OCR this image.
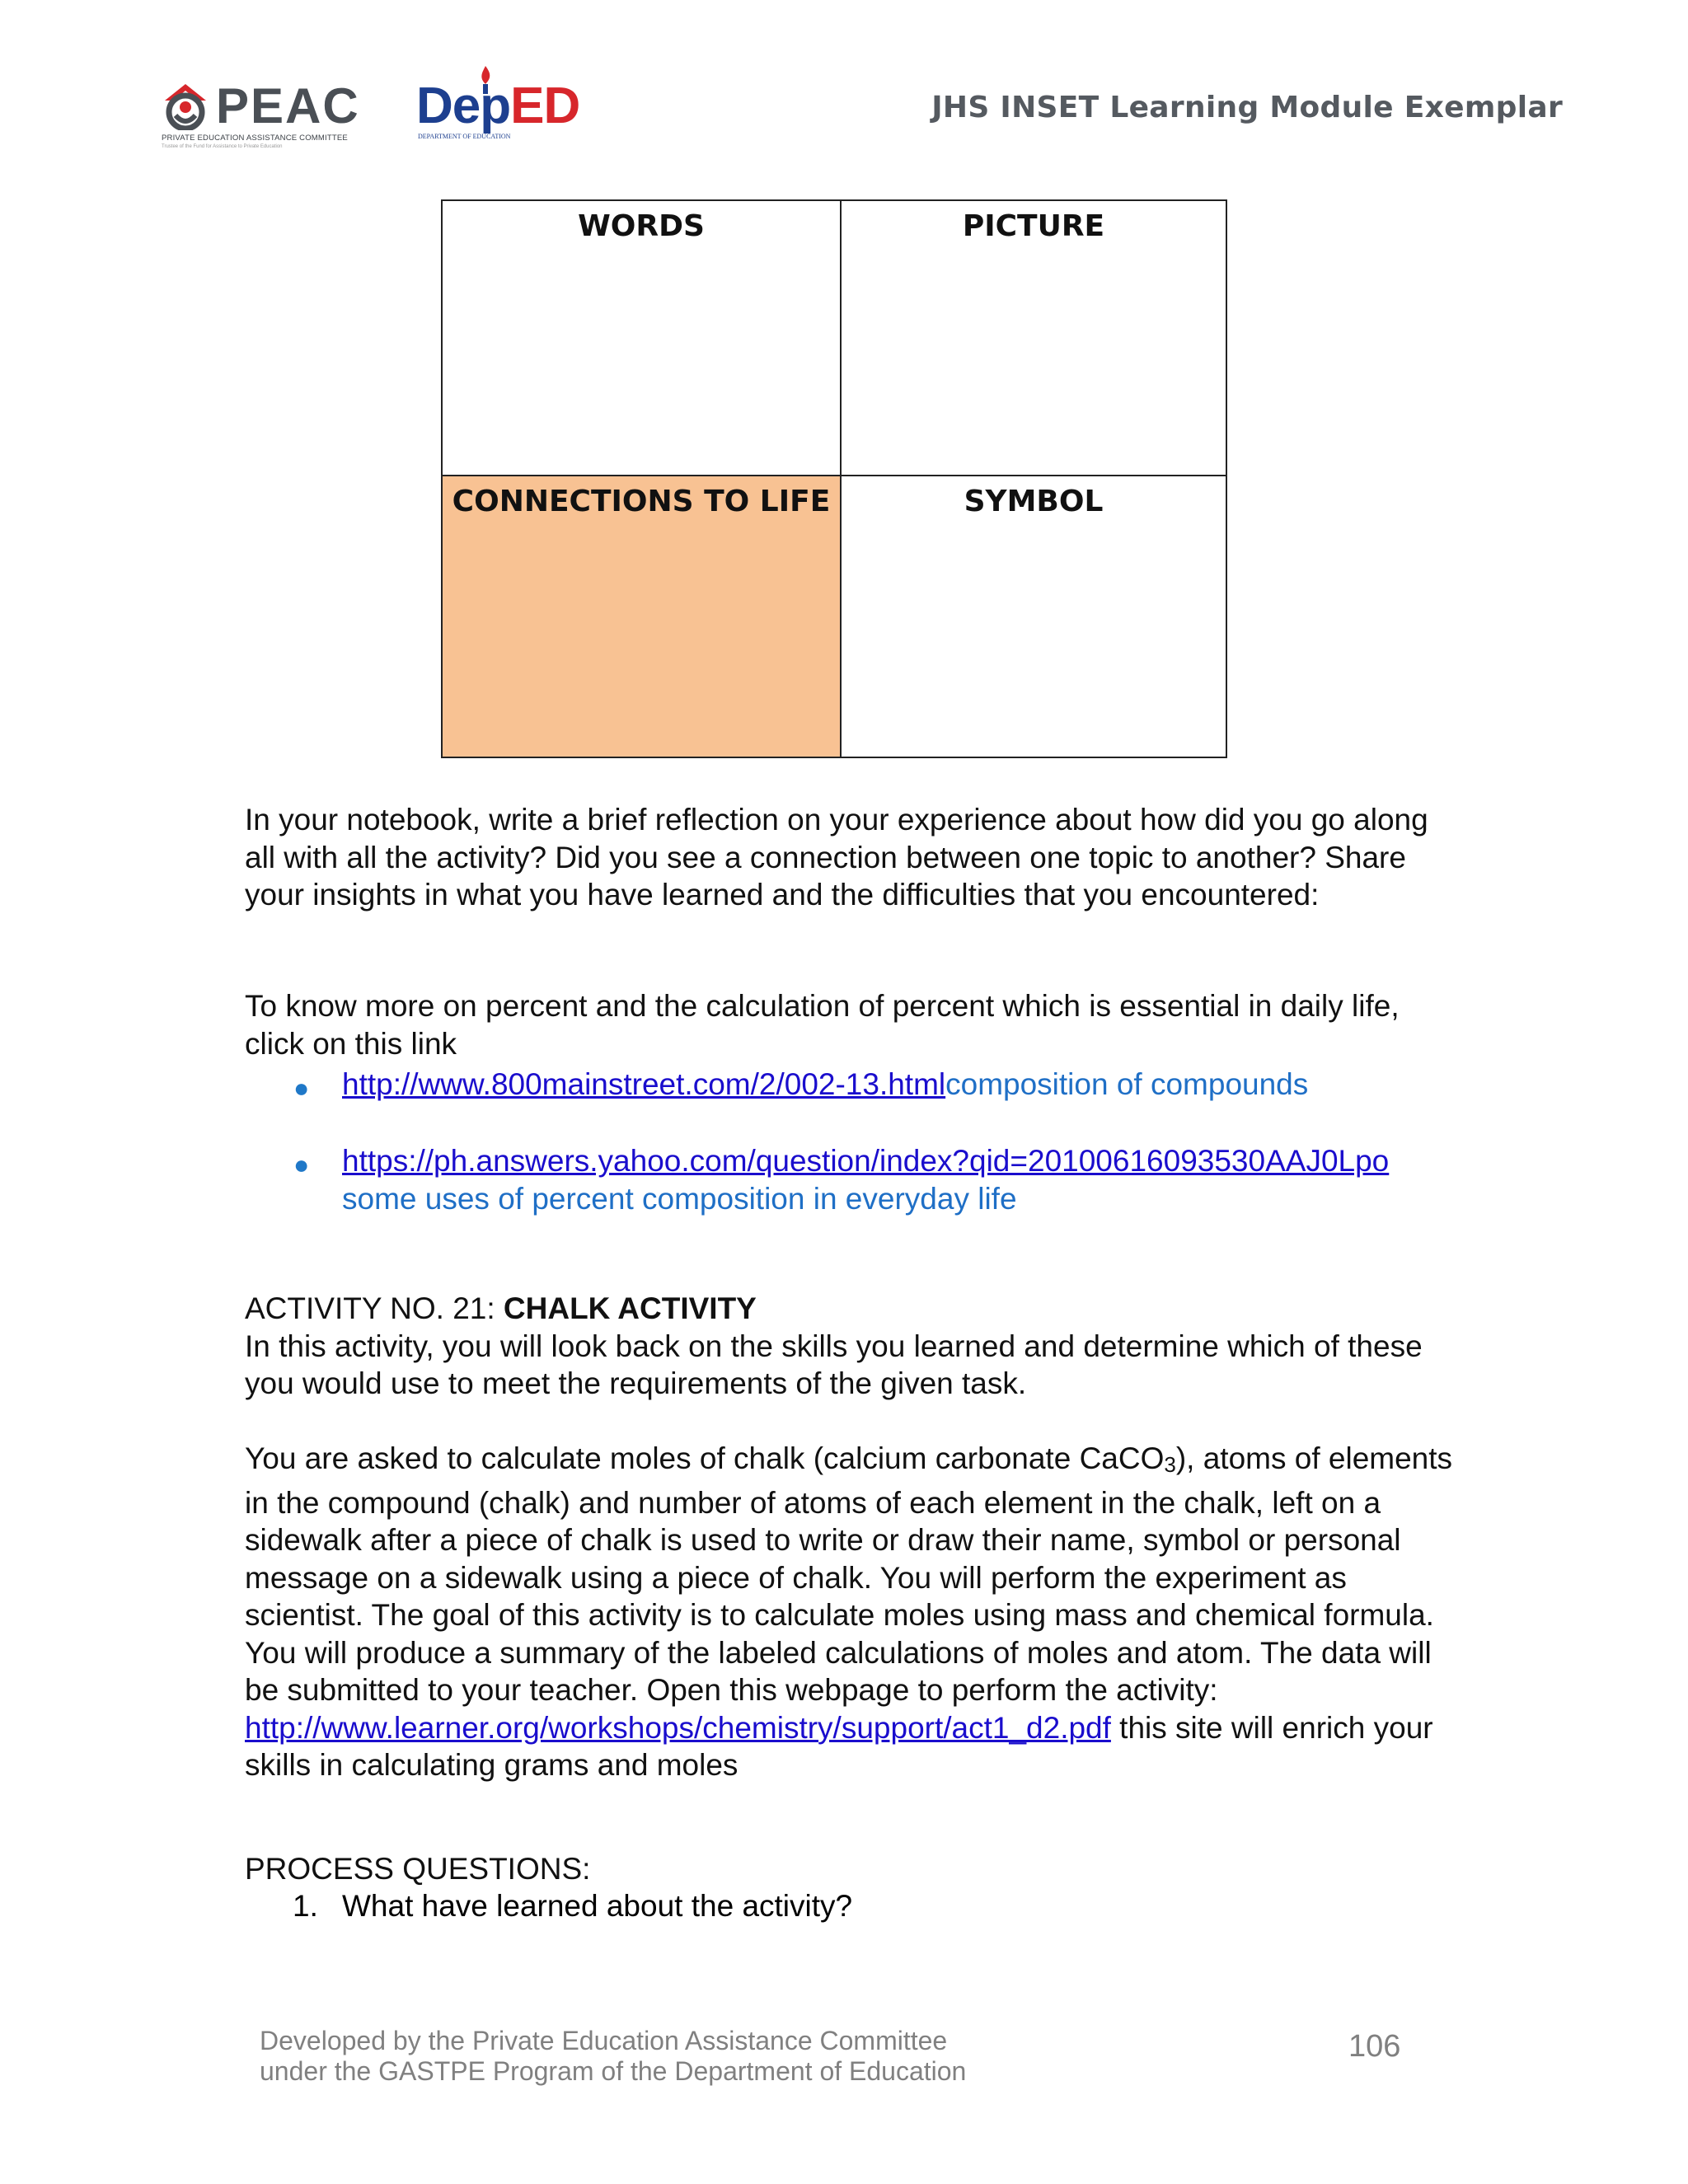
PEAC
PRIVATE EDUCATION ASSISTANCE COMMITTEE
Trustee of the Fund for Assistance to Private Education
DepED
DEPARTMENT OF EDUCATION
JHS INSET Learning Module Exemplar
WORDS	PICTURE

CONNECTIONS TO LIFE	SYMBOL
In your notebook, write a brief reflection on your experience about how did you go along all with all the activity? Did you see a connection between one topic to another? Share your insights in what you have learned and the difficulties that you encountered:
To know more on percent and the calculation of percent which is essential in daily life, click on this link
● http://www.800mainstreet.com/2/002-13.htmlcomposition of compounds
● https://ph.answers.yahoo.com/question/index?qid=20100616093530AAJ0Lpo some uses of percent composition in everyday life
ACTIVITY NO. 21: CHALK ACTIVITY
In this activity, you will look back on the skills you learned and determine which of these you would use to meet the requirements of the given task.
You are asked to calculate moles of chalk (calcium carbonate CaCO$_3$), atoms of elements in the compound (chalk) and number of atoms of each element in the chalk, left on a sidewalk after a piece of chalk is used to write or draw their name, symbol or personal message on a sidewalk using a piece of chalk. You will perform the experiment as scientist. The goal of this activity is to calculate moles using mass and chemical formula. You will produce a summary of the labeled calculations of moles and atom. The data will be submitted to your teacher. Open this webpage to perform the activity:
http://www.learner.org/workshops/chemistry/support/act1_d2.pdf this site will enrich your skills in calculating grams and moles
PROCESS QUESTIONS:
1. What have learned about the activity?
Developed by the Private Education Assistance Committee
under the GASTPE Program of the Department of Education
106
